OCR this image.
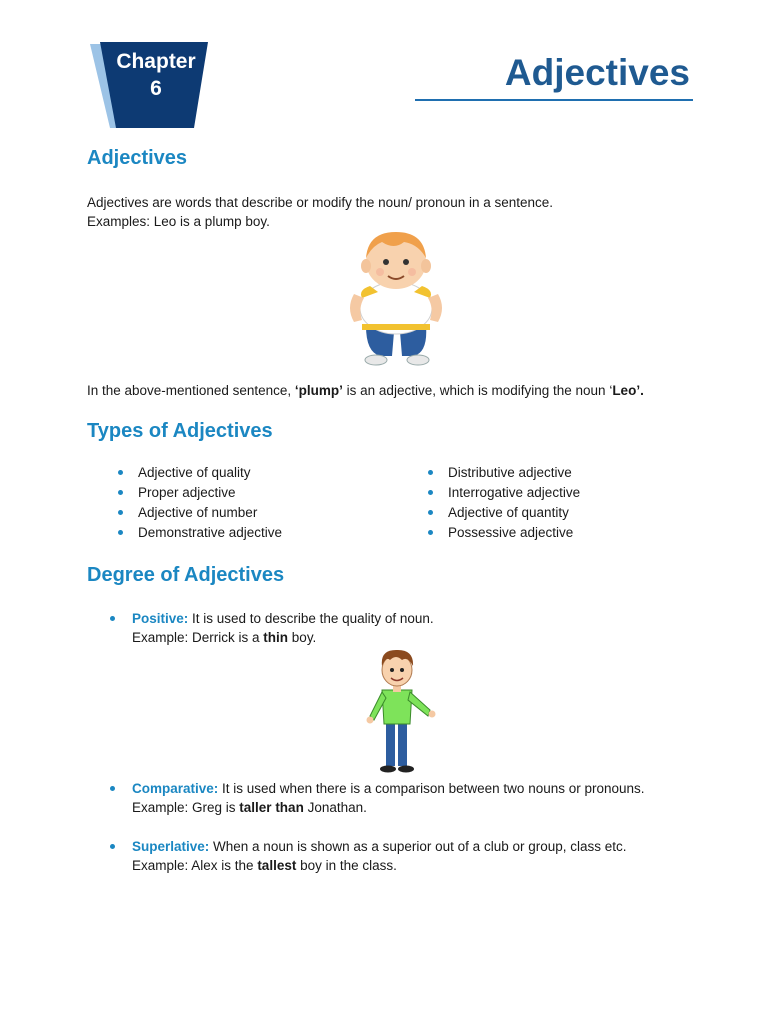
Chapter
6	Adjectives
Adjectives
Adjectives are words that describe or modify the noun/ pronoun in a sentence.
Examples: Leo is a plump boy.
In the above-mentioned sentence, ‘plump’ is an adjective, which is modifying the noun ‘Leo’.
Types of Adjectives
Adjective of quality
Proper adjective
Adjective of number
Demonstrative adjective
Distributive adjective
Interrogative adjective
Adjective of quantity
Possessive adjective
Degree of Adjectives
Positive: It is used to describe the quality of noun.
Example: Derrick is a thin boy.
Comparative: It is used when there is a comparison between two nouns or pronouns.
Example: Greg is taller than Jonathan.
Superlative: When a noun is shown as a superior out of a club or group, class etc.
Example: Alex is the tallest boy in the class.
